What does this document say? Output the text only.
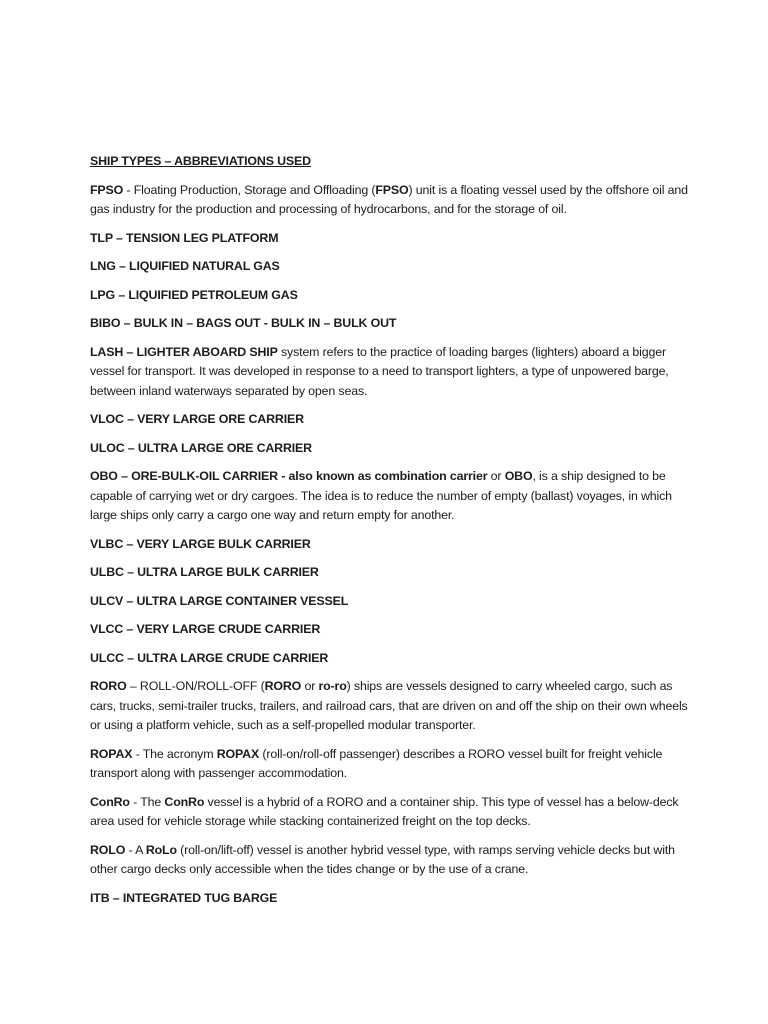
SHIP TYPES – ABBREVIATIONS USED

FPSO - Floating Production, Storage and Offloading (FPSO) unit is a floating vessel used by the offshore oil and gas industry for the production and processing of hydrocarbons, and for the storage of oil.

TLP – TENSION LEG PLATFORM

LNG – LIQUIFIED NATURAL GAS

LPG – LIQUIFIED PETROLEUM GAS

BIBO – BULK IN – BAGS OUT - BULK IN – BULK OUT

LASH – LIGHTER ABOARD SHIP system refers to the practice of loading barges (lighters) aboard a bigger vessel for transport. It was developed in response to a need to transport lighters, a type of unpowered barge, between inland waterways separated by open seas.

VLOC – VERY LARGE ORE CARRIER

ULOC – ULTRA LARGE ORE CARRIER

OBO – ORE-BULK-OIL CARRIER - also known as combination carrier or OBO, is a ship designed to be capable of carrying wet or dry cargoes. The idea is to reduce the number of empty (ballast) voyages, in which large ships only carry a cargo one way and return empty for another.

VLBC – VERY LARGE BULK CARRIER

ULBC – ULTRA LARGE BULK CARRIER

ULCV – ULTRA LARGE CONTAINER VESSEL

VLCC – VERY LARGE CRUDE CARRIER

ULCC – ULTRA LARGE CRUDE CARRIER

RORO – ROLL-ON/ROLL-OFF (RORO or ro-ro) ships are vessels designed to carry wheeled cargo, such as cars, trucks, semi-trailer trucks, trailers, and railroad cars, that are driven on and off the ship on their own wheels or using a platform vehicle, such as a self-propelled modular transporter.

ROPAX - The acronym ROPAX (roll-on/roll-off passenger) describes a RORO vessel built for freight vehicle transport along with passenger accommodation.

ConRo - The ConRo vessel is a hybrid of a RORO and a container ship. This type of vessel has a below-deck area used for vehicle storage while stacking containerized freight on the top decks.

ROLO - A RoLo (roll-on/lift-off) vessel is another hybrid vessel type, with ramps serving vehicle decks but with other cargo decks only accessible when the tides change or by the use of a crane.

ITB – INTEGRATED TUG BARGE
